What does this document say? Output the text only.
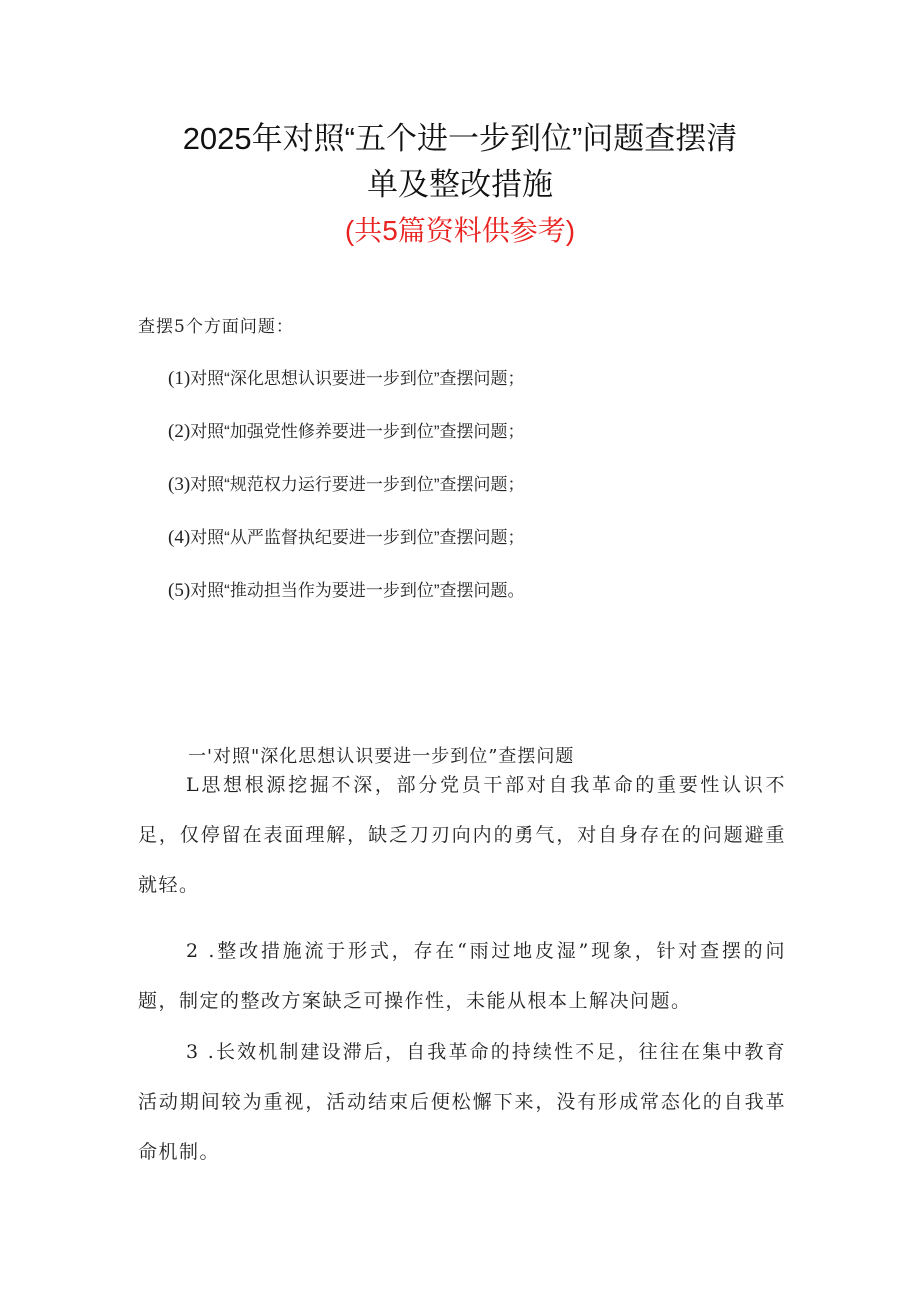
2025年对照“五个进一步到位”问题查摆清
单及整改措施
(共5篇资料供参考)
查摆5个方面问题：
(1)对照“深化思想认识要进一步到位”查摆问题；
(2)对照“加强党性修养要进一步到位”查摆问题；
(3)对照“规范权力运行要进一步到位”查摆问题；
(4)对照“从严监督执纪要进一步到位”查摆问题；
(5)对照“推动担当作为要进一步到位”查摆问题。
一'对照"深化思想认识要进一步到位”查摆问题

L思想根源挖掘不深，部分党员干部对自我革命的重要性认识不足，仅停留在表面理解，缺乏刀刃向内的勇气，对自身存在的问题避重就轻。

2 .整改措施流于形式，存在“雨过地皮湿”现象，针对查摆的问题，制定的整改方案缺乏可操作性，未能从根本上解决问题。

3 .长效机制建设滞后，自我革命的持续性不足，往往在集中教育活动期间较为重视，活动结束后便松懈下来，没有形成常态化的自我革命机制。
